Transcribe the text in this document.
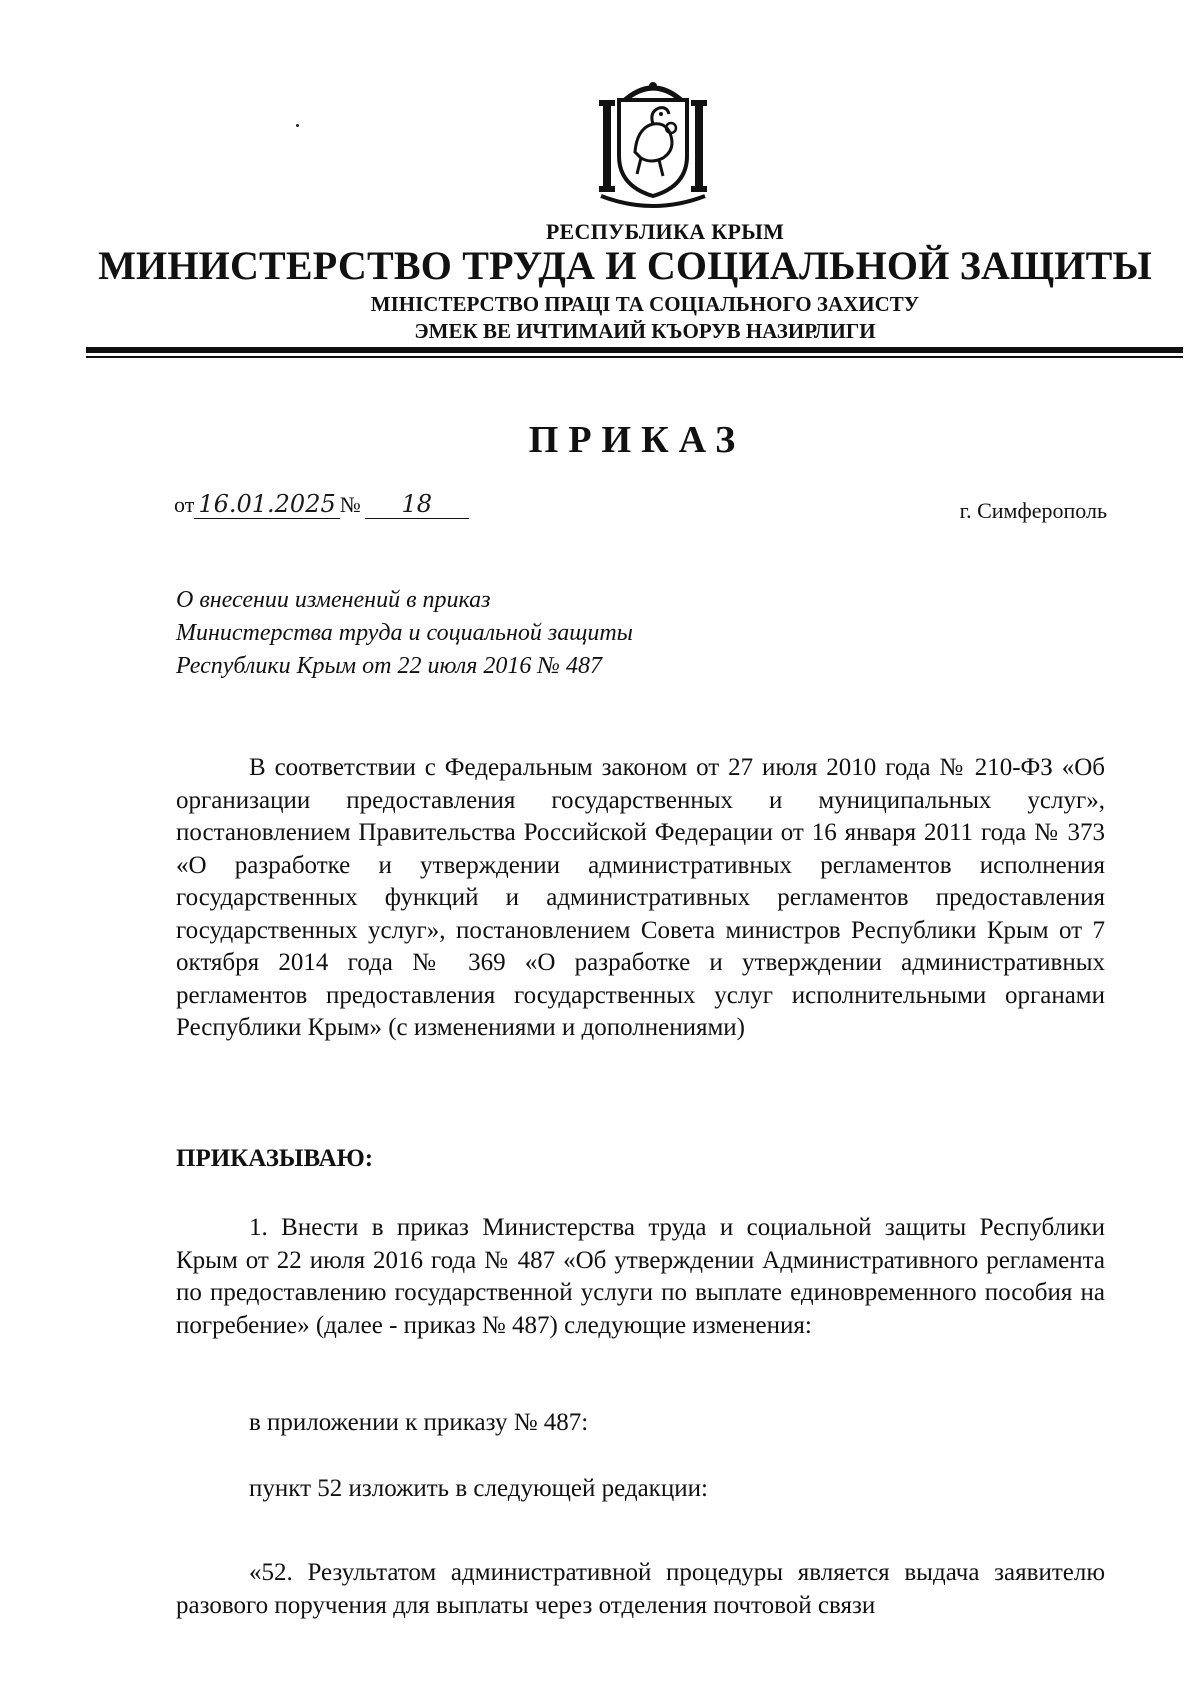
РЕСПУБЛИКА КРЫМ
МИНИСТЕРСТВО ТРУДА И СОЦИАЛЬНОЙ ЗАЩИТЫ
МІНІСТЕРСТВО ПРАЦІ ТА СОЦІАЛЬНОГО ЗАХИСТУ
ЭМЕК ВЕ ИЧТИМАИЙ КЪОРУВ НАЗИРЛИГИ
ПРИКАЗ
от 16.01.2025 №	18	г. Симферополь
О внесении изменений в приказ
Министерства труда и социальной защиты
Республики Крым от 22 июля 2016 № 487
В соответствии с Федеральным законом от 27 июля 2010 года № 210-ФЗ «Об организации предоставления государственных и муниципальных услуг», постановлением Правительства Российской Федерации от 16 января 2011 года № 373 «О разработке и утверждении административных регламентов исполнения государственных функций и административных регламентов предоставления государственных услуг», постановлением Совета министров Республики Крым от 7 октября 2014 года № 369 «О разработке и утверждении административных регламентов предоставления государственных услуг исполнительными органами Республики Крым» (с изменениями и дополнениями)
ПРИКАЗЫВАЮ:
1. Внести в приказ Министерства труда и социальной защиты Республики Крым от 22 июля 2016 года № 487 «Об утверждении Административного регламента по предоставлению государственной услуги по выплате единовременного пособия на погребение» (далее - приказ № 487) следующие изменения:
в приложении к приказу № 487:
пункт 52 изложить в следующей редакции:
«52. Результатом административной процедуры является выдача заявителю разового поручения для выплаты через отделения почтовой связи
